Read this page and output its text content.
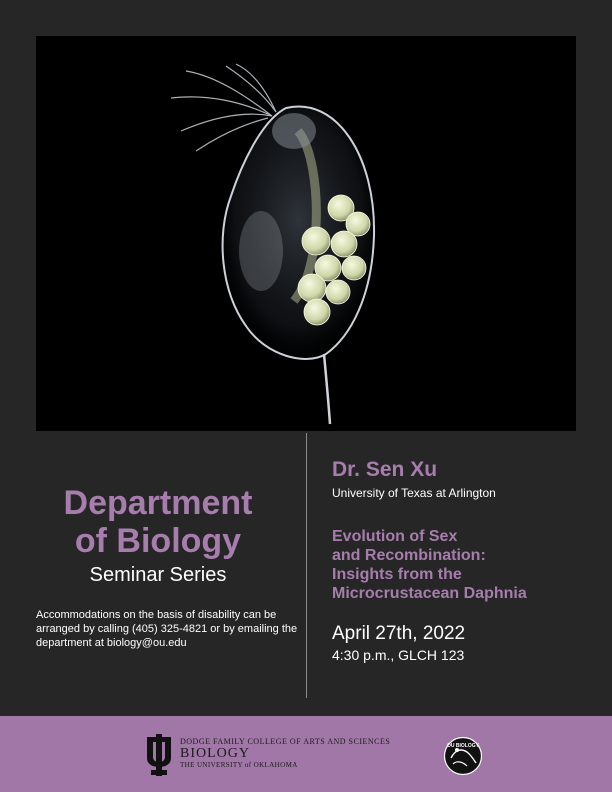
Department
of Biology
Seminar Series
Accommodations on the basis of disability can be arranged by calling (405) 325-4821 or by emailing the department at biology@ou.edu
Dr. Sen Xu
University of Texas at Arlington
Evolution of Sex
and Recombination:
Insights from the
Microcrustacean Daphnia
April 27th, 2022
4:30 p.m., GLCH 123
DODGE FAMILY COLLEGE OF ARTS AND SCIENCES
BIOLOGY
THE UNIVERSITY of OKLAHOMA
OU BIOLOGY
